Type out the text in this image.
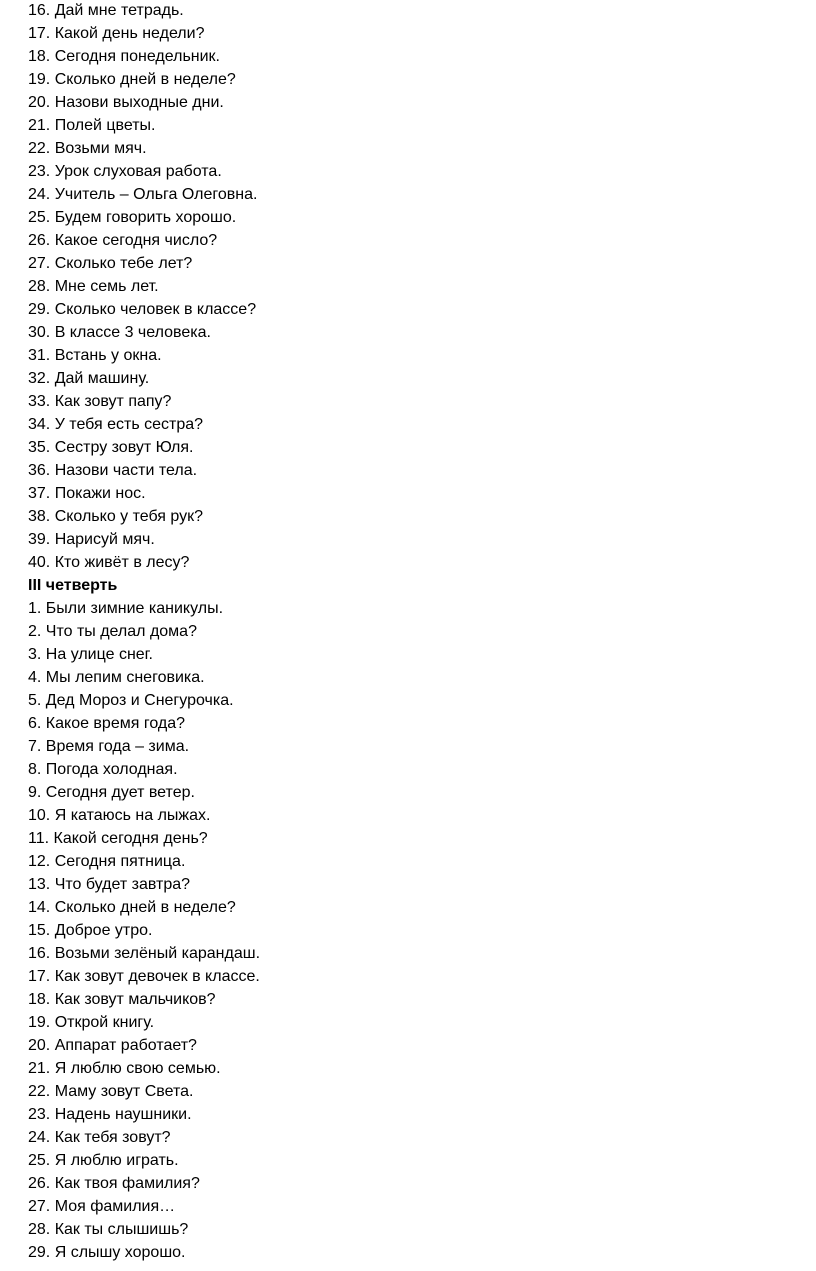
16. Дай мне тетрадь.
17. Какой день недели?
18. Сегодня понедельник.
19. Сколько дней в неделе?
20. Назови выходные дни.
21. Полей цветы.
22. Возьми мяч.
23. Урок слуховая работа.
24. Учитель – Ольга Олеговна.
25. Будем говорить хорошо.
26. Какое сегодня число?
27. Сколько тебе лет?
28. Мне семь лет.
29. Сколько человек в классе?
30. В классе 3 человека.
31. Встань у окна.
32. Дай машину.
33. Как зовут папу?
34. У тебя есть сестра?
35. Сестру зовут Юля.
36. Назови части тела.
37. Покажи нос.
38. Сколько у тебя рук?
39. Нарисуй мяч.
40. Кто живёт в лесу?
III четверть
1. Были зимние каникулы.
2. Что ты делал дома?
3. На улице снег.
4. Мы лепим снеговика.
5. Дед Мороз и Снегурочка.
6. Какое время года?
7. Время года – зима.
8. Погода холодная.
9. Сегодня дует ветер.
10. Я катаюсь на лыжах.
11. Какой сегодня день?
12. Сегодня пятница.
13. Что будет завтра?
14. Сколько дней в неделе?
15. Доброе утро.
16. Возьми зелёный карандаш.
17. Как зовут девочек в классе.
18. Как зовут мальчиков?
19. Открой книгу.
20. Аппарат работает?
21. Я люблю свою семью.
22. Маму зовут Света.
23. Надень наушники.
24. Как тебя зовут?
25. Я люблю играть.
26. Как твоя фамилия?
27. Моя фамилия…
28. Как ты слышишь?
29. Я слышу хорошо.
